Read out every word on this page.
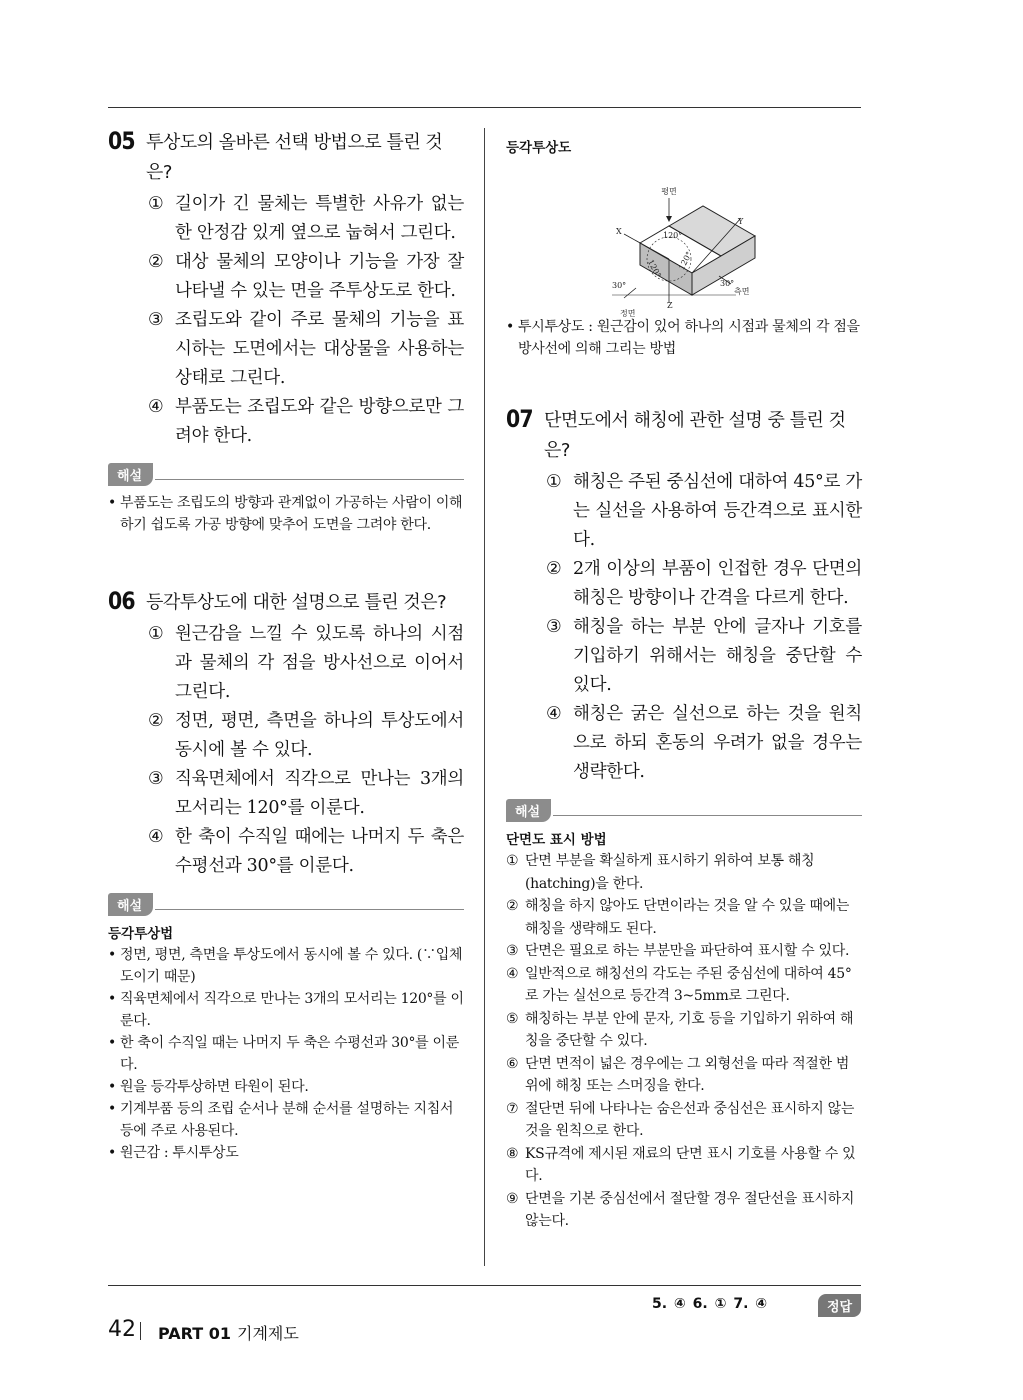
05 투상도의 올바른 선택 방법으로 틀린 것은?
① 길이가 긴 물체는 특별한 사유가 없는 한 안정감 있게 옆으로 눕혀서 그린다.
② 대상 물체의 모양이나 기능을 가장 잘 나타낼 수 있는 면을 주투상도로 한다.
③ 조립도와 같이 주로 물체의 기능을 표시하는 도면에서는 대상물을 사용하는 상태로 그린다.
④ 부품도는 조립도와 같은 방향으로만 그려야 한다.
해설
• 부품도는 조립도의 방향과 관계없이 가공하는 사람이 이해하기 쉽도록 가공 방향에 맞추어 도면을 그려야 한다.
06 등각투상도에 대한 설명으로 틀린 것은?
① 원근감을 느낄 수 있도록 하나의 시점과 물체의 각 점을 방사선으로 이어서 그린다.
② 정면, 평면, 측면을 하나의 투상도에서 동시에 볼 수 있다.
③ 직육면체에서 직각으로 만나는 3개의 모서리는 120°를 이룬다.
④ 한 축이 수직일 때에는 나머지 두 축은 수평선과 30°를 이룬다.
해설
등각투상법
• 정면, 평면, 측면을 투상도에서 동시에 볼 수 있다. (∵입체도이기 때문)
• 직육면체에서 직각으로 만나는 3개의 모서리는 120°를 이룬다.
• 한 축이 수직일 때는 나머지 두 축은 수평선과 30°를 이룬다.
• 원을 등각투상하면 타원이 된다.
• 기계부품 등의 조립 순서나 분해 순서를 설명하는 지침서 등에 주로 사용된다.
• 원근감 : 투시투상도
등각투상도
평면
X
Y
Z
120°
120° 120°
30°	30°
정면
측면
• 투시투상도 : 원근감이 있어 하나의 시점과 물체의 각 점을 방사선에 의해 그리는 방법
07 단면도에서 해칭에 관한 설명 중 틀린 것은?
① 해칭은 주된 중심선에 대하여 45°로 가는 실선을 사용하여 등간격으로 표시한다.
② 2개 이상의 부품이 인접한 경우 단면의 해칭은 방향이나 간격을 다르게 한다.
③ 해칭을 하는 부분 안에 글자나 기호를 기입하기 위해서는 해칭을 중단할 수 있다.
④ 해칭은 굵은 실선으로 하는 것을 원칙으로 하되 혼동의 우려가 없을 경우는 생략한다.
해설
단면도 표시 방법
① 단면 부분을 확실하게 표시하기 위하여 보통 해칭(hatching)을 한다.
② 해칭을 하지 않아도 단면이라는 것을 알 수 있을 때에는 해칭을 생략해도 된다.
③ 단면은 필요로 하는 부분만을 파단하여 표시할 수 있다.
④ 일반적으로 해칭선의 각도는 주된 중심선에 대하여 45°로 가는 실선으로 등간격 3~5mm로 그린다.
⑤ 해칭하는 부분 안에 문자, 기호 등을 기입하기 위하여 해칭을 중단할 수 있다.
⑥ 단면 면적이 넓은 경우에는 그 외형선을 따라 적절한 범위에 해칭 또는 스머징을 한다.
⑦ 절단면 뒤에 나타나는 숨은선과 중심선은 표시하지 않는 것을 원칙으로 한다.
⑧ KS규격에 제시된 재료의 단면 표시 기호를 사용할 수 있다.
⑨ 단면을 기본 중심선에서 절단할 경우 절단선을 표시하지 않는다.
5. ④ 6. ① 7. ④	정답
42 PART 01 기계제도
